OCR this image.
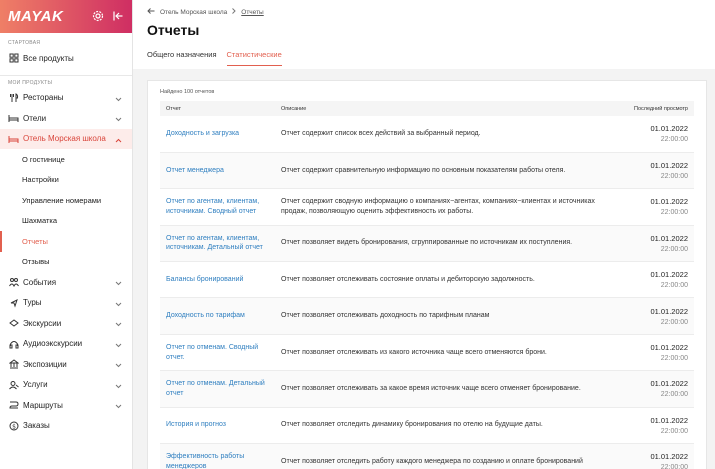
MAYAK
СТАРТОВАЯ
Все продукты
МОИ ПРОДУКТЫ
Рестораны
Отели
Отель Морская школа
О гостинице
Настройки
Управление номерами
Шахматка
Отчеты
Отзывы
События
Туры
Экскурсии
Аудиоэкскурсии
Экспозиции
Услуги
Маршруты
$ Заказы
Отель Морская школа Отчеты
Отчеты
Общего назначения Статистические
Найдено 100 отчетов
Отчет	Описание	Последний просмотр
Доходность и загрузка	Отчет содержит список всех действий за выбранный период.	01.01.2022
22:00:00

Отчет менеджера	Отчет содержит сравнительную информацию по основным показателям работы отеля.	01.01.2022
22:00:00

Отчет по агентам, клиентам, источникам. Сводный отчет	Отчет содержит сводную информацию о компаниях−агентах, компаниях−клиентах и источниках продаж, позволяющую оценить эффективность их работы.	01.01.2022
22:00:00

Отчет по агентам, клиентам, источникам. Детальный отчет	Отчет позволяет видеть бронирования, сгруппированные по источникам их поступления.	01.01.2022
22:00:00

Балансы бронирований	Отчет позволяет отслеживать состояние оплаты и дебиторскую задолжность.	01.01.2022
22:00:00

Доходность по тарифам	Отчет позволяет отслеживать доходность по тарифным планам	01.01.2022
22:00:00

Отчет по отменам. Сводный отчет.	Отчет позволяет отслеживать из какого источника чаще всего отменяются брони.	01.01.2022
22:00:00

Отчет по отменам. Детальный отчет	Отчет позволяет отслеживать за какое время источник чаще всего отменяет бронирование.	01.01.2022
22:00:00

История и прогноз	Отчет позволяет отследить динамику бронирования по отелю на будущие даты.	01.01.2022
22:00:00

Эффективность работы менеджеров	Отчет позволяет отследить работу каждого менеджера по созданию и оплате бронирований	01.01.2022
22:00:00
